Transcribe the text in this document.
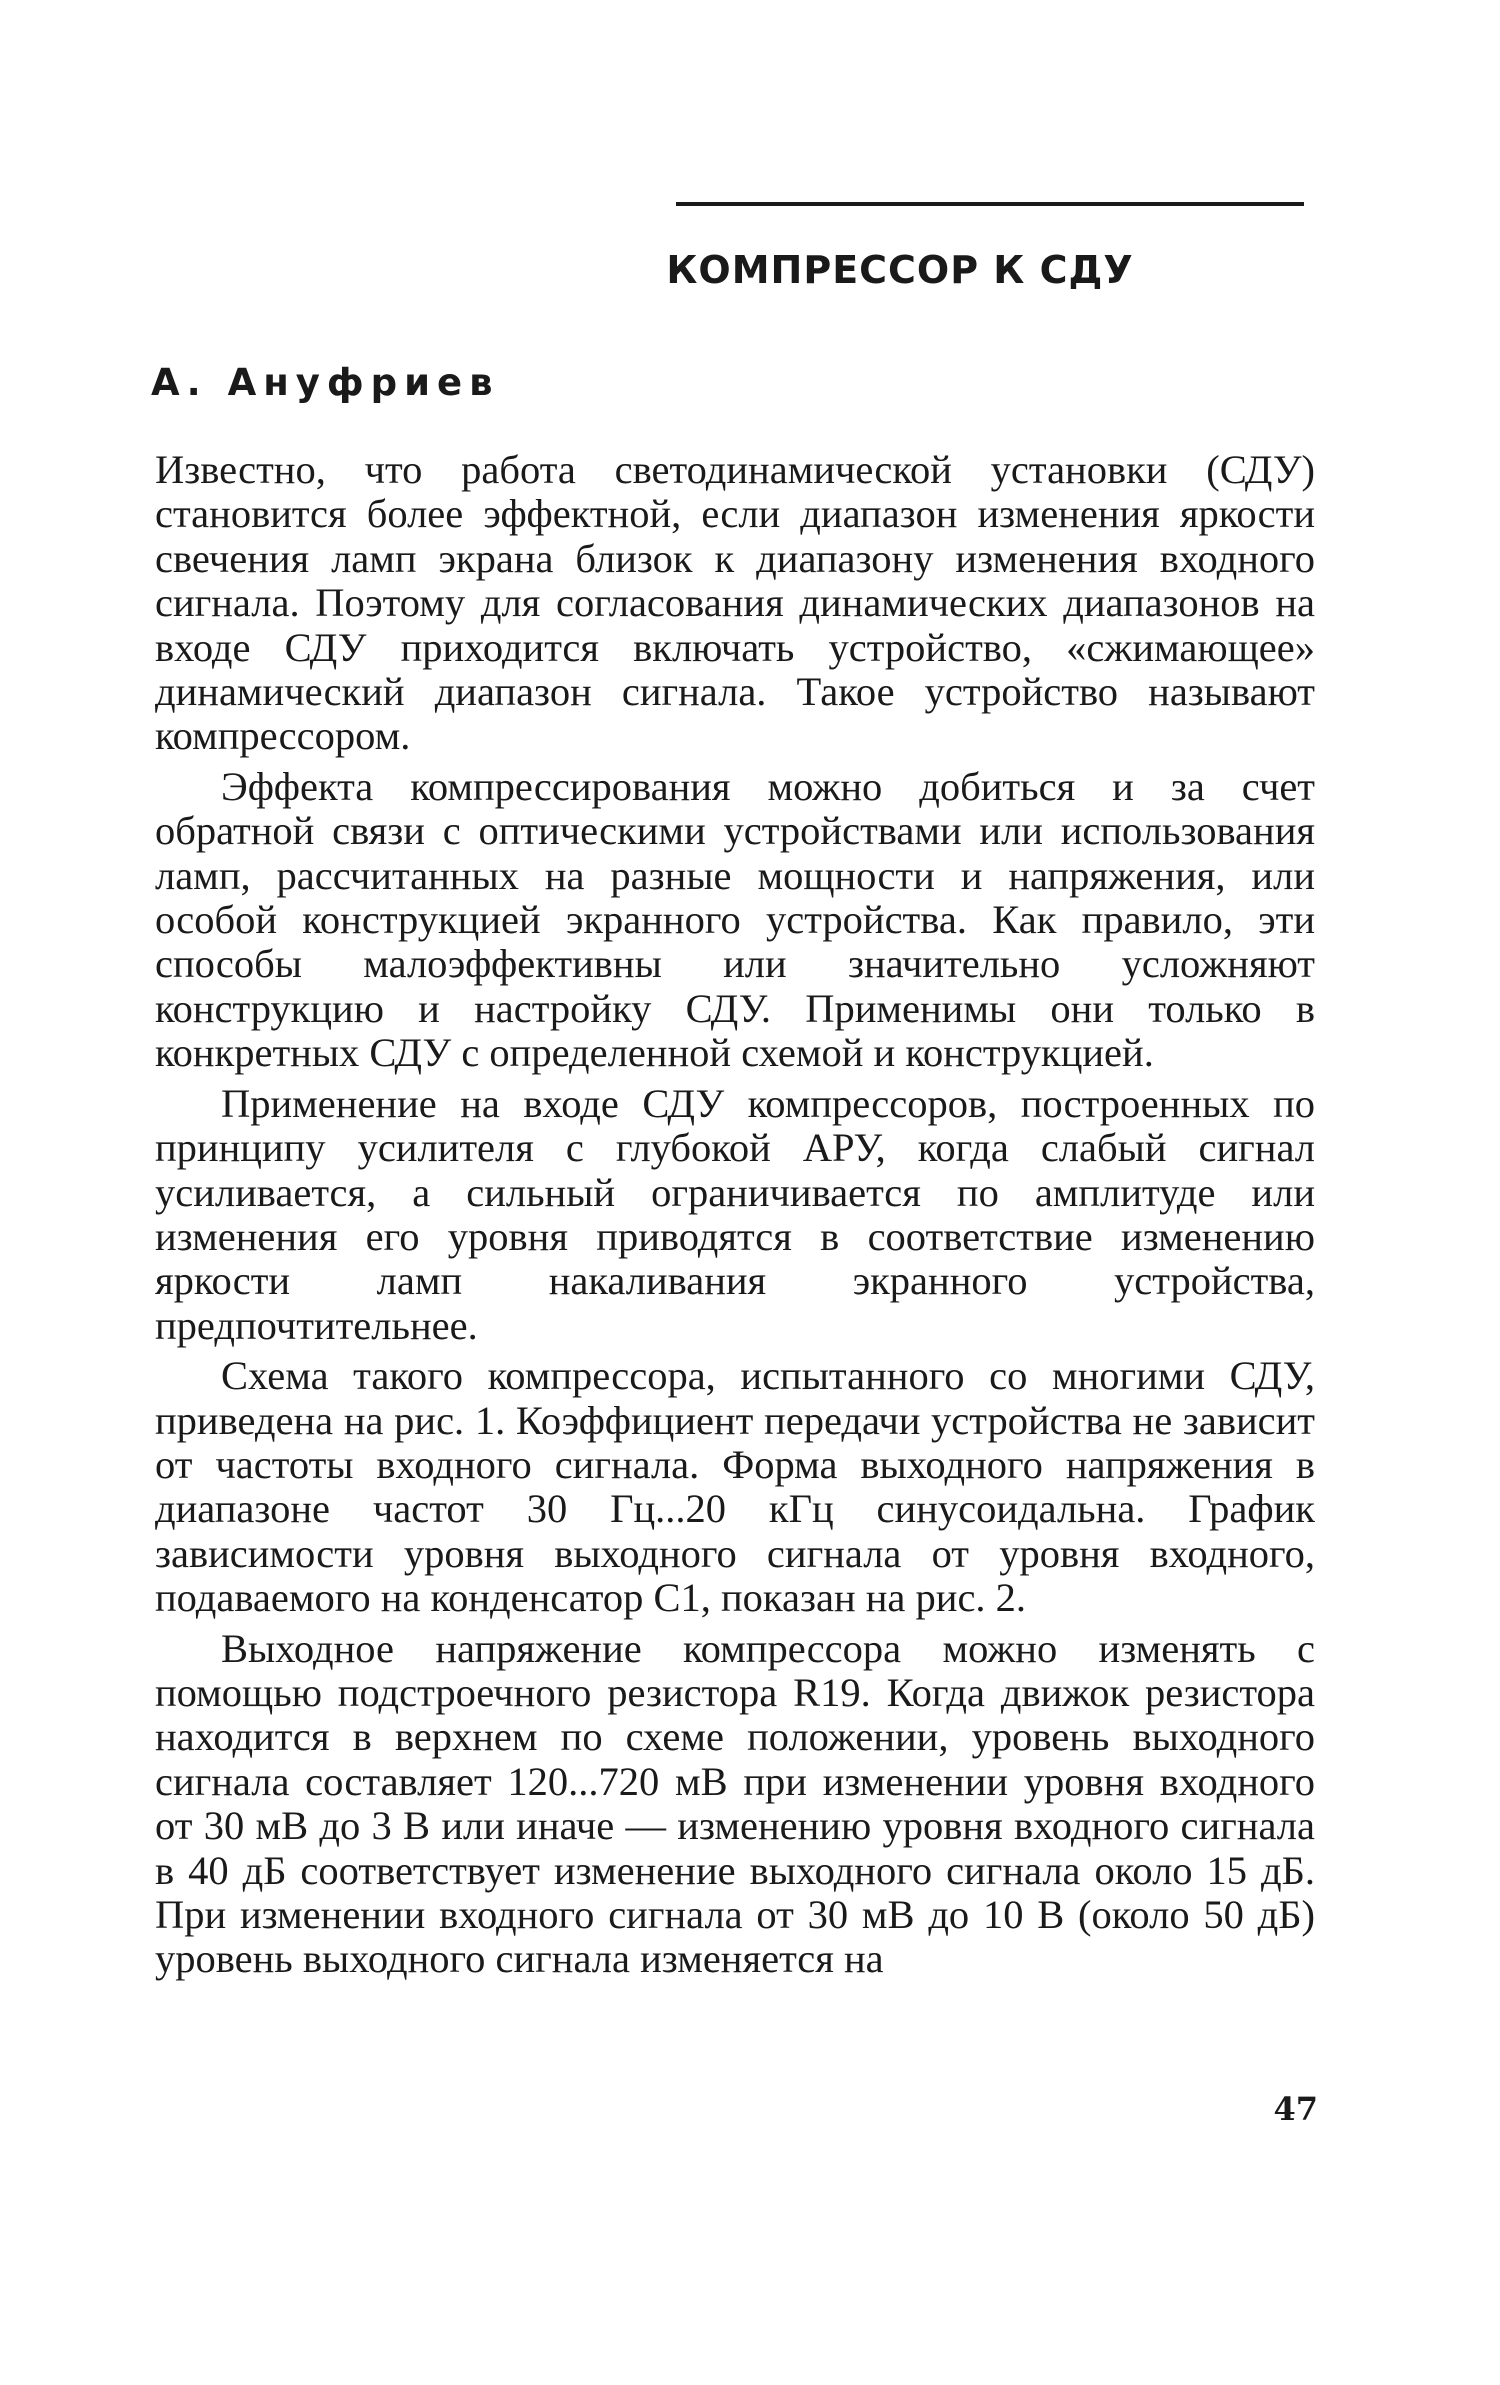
КОМПРЕССОР К СДУ
А. Ануфриев

Известно, что работа светодинамической установки (СДУ) становится более эффектной, если диапазон изменения яркости свечения ламп экрана близок к диапазону изменения входного сигнала. Поэтому для согласования динамических диапазонов на входе СДУ приходится включать устройство, «сжимающее» динамический диапазон сигнала. Такое устройство называют компрессором.

Эффекта компрессирования можно добиться и за счет обратной связи с оптическими устройствами или использования ламп, рассчитанных на разные мощности и напряжения, или особой конструкцией экранного устройства. Как правило, эти способы малоэффективны или значительно усложняют конструкцию и настройку СДУ. Применимы они только в конкретных СДУ с определенной схемой и конструкцией.

Применение на входе СДУ компрессоров, построенных по принципу усилителя с глубокой АРУ, когда слабый сигнал усиливается, а сильный ограничивается по амплитуде или изменения его уровня приводятся в соответствие изменению яркости ламп накаливания экранного устройства, предпочтительнее.

Схема такого компрессора, испытанного со многими СДУ, приведена на рис. 1. Коэффициент передачи устройства не зависит от частоты входного сигнала. Форма выходного напряжения в диапазоне частот 30 Гц...20 кГц синусоидальна. График зависимости уровня выходного сигнала от уровня входного, подаваемого на конденсатор С1, показан на рис. 2.

Выходное напряжение компрессора можно изменять с помощью подстроечного резистора R19. Когда движок резистора находится в верхнем по схеме положении, уровень выходного сигнала составляет 120...720 мВ при изменении уровня входного от 30 мВ до 3 В или иначе — изменению уровня входного сигнала в 40 дБ соответствует изменение выходного сигнала около 15 дБ. При изменении входного сигнала от 30 мВ до 10 В (около 50 дБ) уровень выходного сигнала изменяется на

47
